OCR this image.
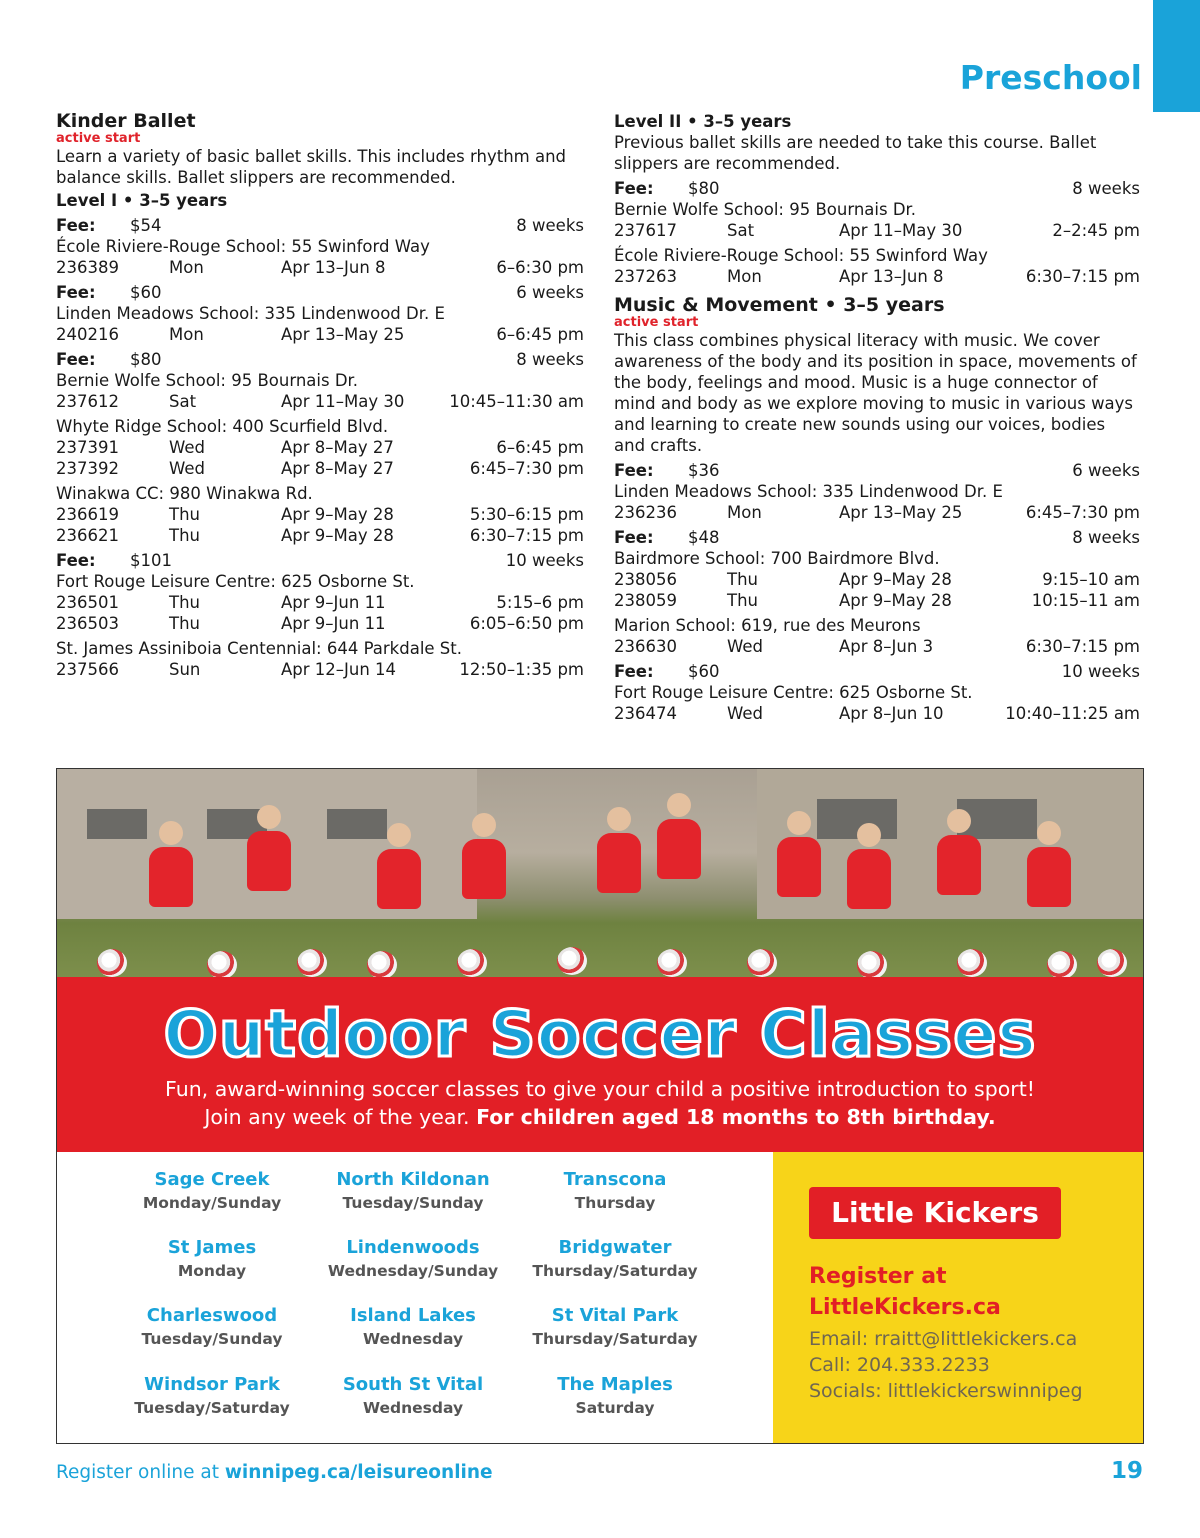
Preschool
Kinder Ballet
active start

Learn a variety of basic ballet skills. This includes rhythm and balance skills. Ballet slippers are recommended.

Level I • 3–5 years
Fee: $54	8 weeks
École Riviere-Rouge School: 55 Swinford Way
236389	Mon	Apr 13–Jun 8	6–6:30 pm
Fee: $60	6 weeks
Linden Meadows School: 335 Lindenwood Dr. E
240216	Mon	Apr 13–May 25	6–6:45 pm
Fee: $80	8 weeks
Bernie Wolfe School: 95 Bournais Dr.
237612	Sat	Apr 11–May 30	10:45–11:30 am
Whyte Ridge School: 400 Scurfield Blvd.
237391	Wed	Apr 8–May 27	6–6:45 pm
237392	Wed	Apr 8–May 27	6:45–7:30 pm
Winakwa CC: 980 Winakwa Rd.
236619	Thu	Apr 9–May 28	5:30–6:15 pm
236621	Thu	Apr 9–May 28	6:30–7:15 pm
Fee: $101	10 weeks
Fort Rouge Leisure Centre: 625 Osborne St.
236501	Thu	Apr 9–Jun 11	5:15–6 pm
236503	Thu	Apr 9–Jun 11	6:05–6:50 pm
St. James Assiniboia Centennial: 644 Parkdale St.
237566	Sun	Apr 12–Jun 14	12:50–1:35 pm
Level II • 3–5 years

Previous ballet skills are needed to take this course. Ballet slippers are recommended.

Fee: $80	8 weeks
Bernie Wolfe School: 95 Bournais Dr.
237617	Sat	Apr 11–May 30	2–2:45 pm
École Riviere-Rouge School: 55 Swinford Way
237263	Mon	Apr 13–Jun 8	6:30–7:15 pm
Music & Movement • 3–5 years
active start

This class combines physical literacy with music. We cover awareness of the body and its position in space, movements of the body, feelings and mood. Music is a huge connector of mind and body as we explore moving to music in various ways and learning to create new sounds using our voices, bodies and crafts.

Fee: $36	6 weeks
Linden Meadows School: 335 Lindenwood Dr. E
236236	Mon	Apr 13–May 25	6:45–7:30 pm
Fee: $48	8 weeks
Bairdmore School: 700 Bairdmore Blvd.
238056	Thu	Apr 9–May 28	9:15–10 am
238059	Thu	Apr 9–May 28	10:15–11 am
Marion School: 619, rue des Meurons
236630	Wed	Apr 8–Jun 3	6:30–7:15 pm
Fee: $60	10 weeks
Fort Rouge Leisure Centre: 625 Osborne St.
236474	Wed	Apr 8–Jun 10	10:40–11:25 am
Outdoor Soccer Classes
Fun, award-winning soccer classes to give your child a positive introduction to sport!
Join any week of the year. For children aged 18 months to 8th birthday.
Sage Creek
Monday/Sunday
North Kildonan
Tuesday/Sunday
Transcona
Thursday
St James
Monday
Lindenwoods
Wednesday/Sunday
Bridgwater
Thursday/Saturday
Charleswood
Tuesday/Sunday
Island Lakes
Wednesday
St Vital Park
Thursday/Saturday
Windsor Park
Tuesday/Saturday
South St Vital
Wednesday
The Maples
Saturday
Little Kickers
Register at
LittleKickers.ca
Email: rraitt@littlekickers.ca
Call: 204.333.2233
Socials: littlekickerswinnipeg
Register online at winnipeg.ca/leisureonline	19
